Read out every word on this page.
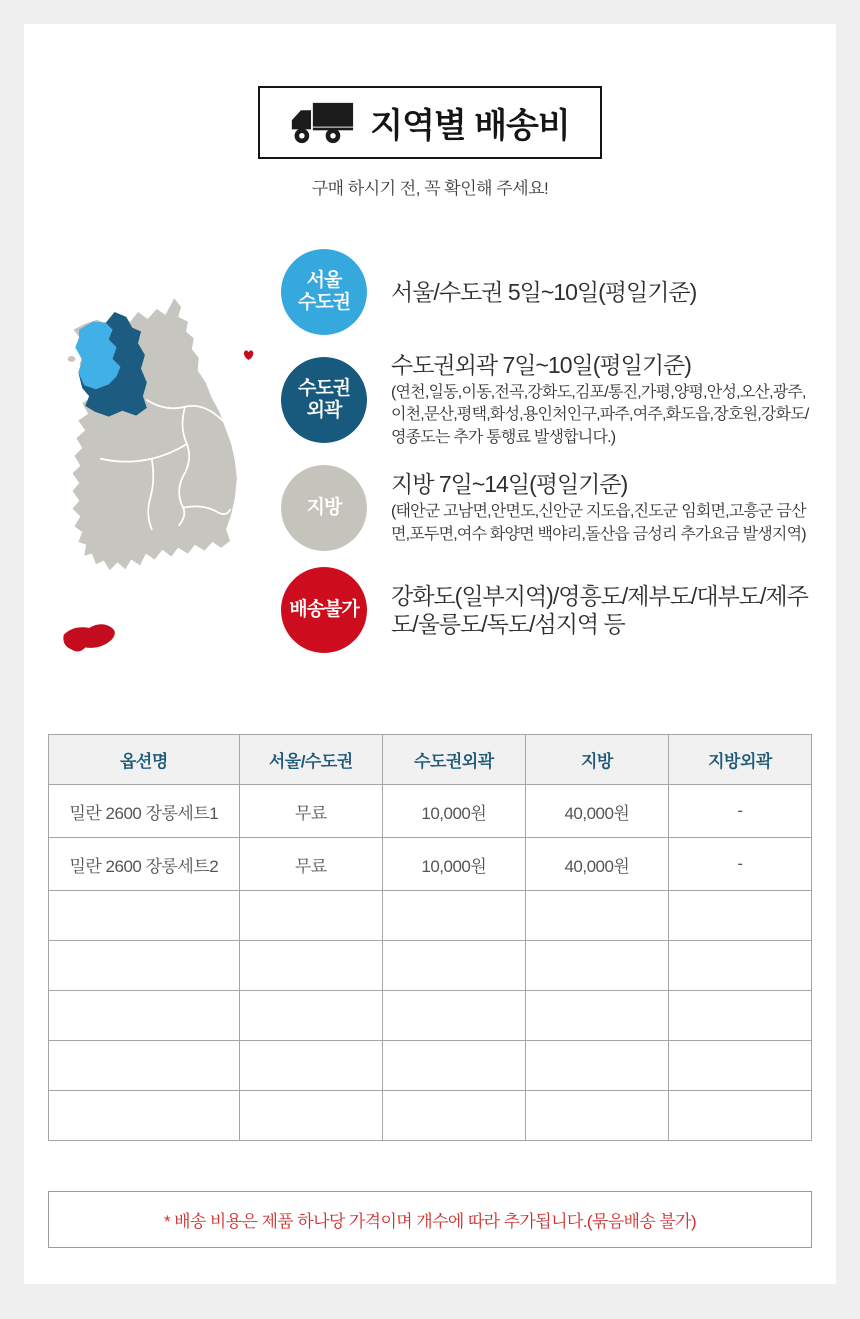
지역별 배송비
구매 하시기 전, 꼭 확인해 주세요!
서울
수도권 서울/수도권 5일~10일(평일기준)
수도권
외곽
수도권외곽 7일~10일(평일기준)
(연천,일동,이동,전곡,강화도,김포/통진,가평,양평,안성,오산,광주,이천,문산,평택,화성,용인처인구,파주,여주,화도읍,장호원,강화도/영종도는 추가 통행료 발생합니다.)
지방
지방 7일~14일(평일기준)
(태안군 고남면,안면도,신안군 지도읍,진도군 임회면,고흥군 금산면,포두면,여수 화양면 백야리,돌산읍 금성리 추가요금 발생지역)
배송불가
강화도(일부지역)/영흥도/제부도/대부도/제주도/울릉도/독도/섬지역 등
옵션명	서울/수도권	수도권외곽	지방	지방외곽
밀란 2600 장롱세트1	무료	10,000원	40,000원	-
밀란 2600 장롱세트2	무료	10,000원	40,000원	-

* 배송 비용은 제품 하나당 가격이며 개수에 따라 추가됩니다.(묶음배송 불가)
